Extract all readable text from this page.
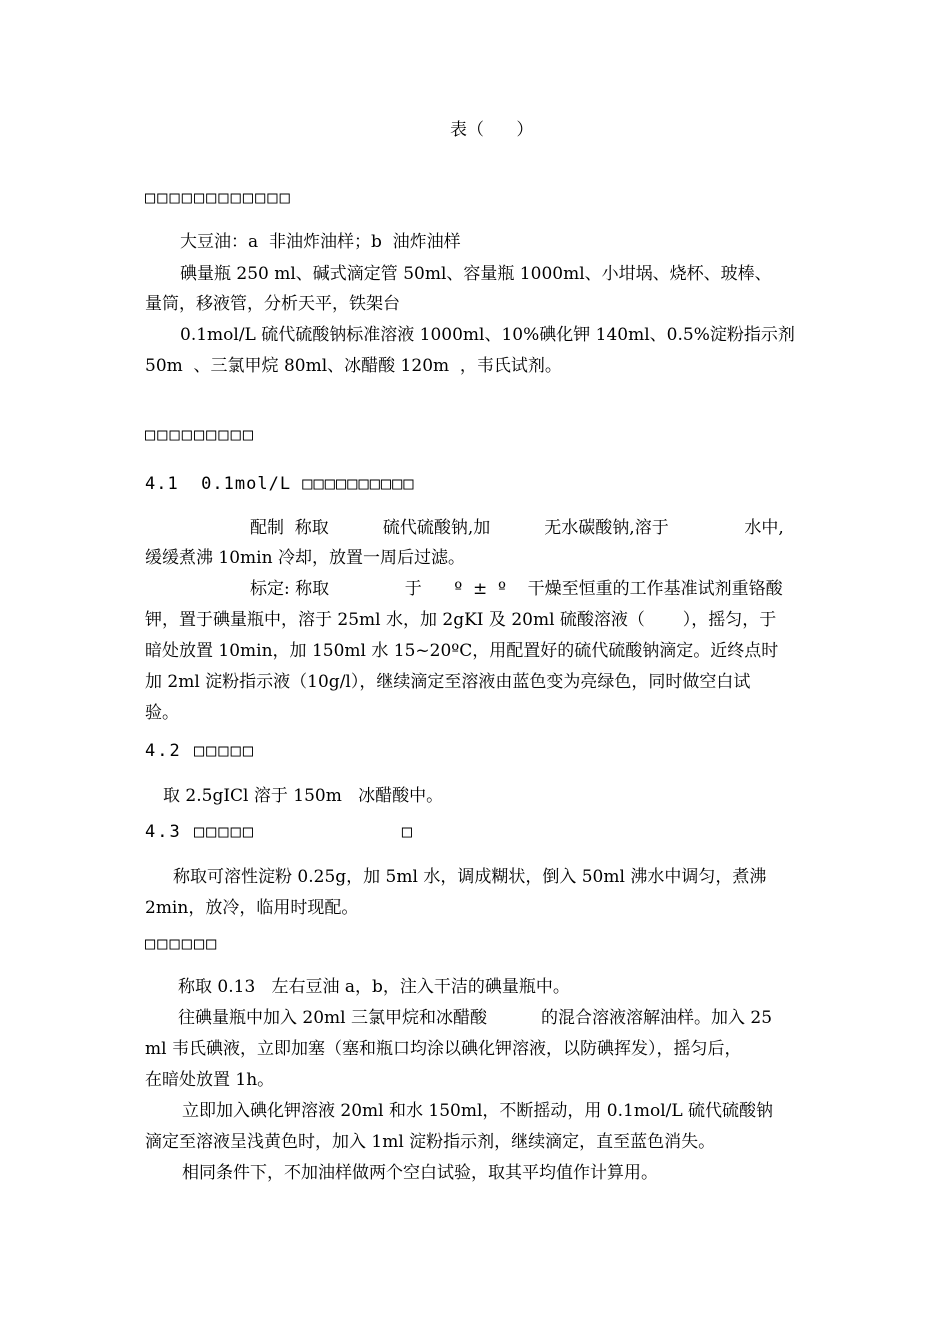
表（      ）
□□□□□□□□□□□□
大豆油：a  非油炸油样；b  油炸油样
碘量瓶 250 ml、碱式滴定管 50ml、容量瓶 1000ml、小坩埚、烧杯、玻棒、
量筒，移液管，分析天平，铁架台
0.1mol/L 硫代硫酸钠标准溶液 1000ml、10%碘化钾 140ml、0.5%淀粉指示剂
50m  、三氯甲烷 80ml、冰醋酸 120m  ，韦氏试剂。
□□□□□□□□□
4.1  0.1mol/L □□□□□□□□□□
配制  称取          硫代硫酸钠,加          无水碳酸钠,溶于              水中,
缓缓煮沸 10min 冷却，放置一周后过滤。
标定: 称取              于      º  ±  º    干燥至恒重的工作基准试剂重铬酸
钾，置于碘量瓶中，溶于 25ml 水，加 2gKI 及 20ml 硫酸溶液（       ），摇匀，于
暗处放置 10min，加 150ml 水 15~20ºC，用配置好的硫代硫酸钠滴定。近终点时
加 2ml 淀粉指示液（10g/l），继续滴定至溶液由蓝色变为亮绿色，同时做空白试
验。
4.2 □□□□□
取 2.5gICl 溶于 150m   冰醋酸中。
4.3 □□□□□            □
称取可溶性淀粉 0.25g，加 5ml 水，调成糊状，倒入 50ml 沸水中调匀，煮沸
2min，放冷，临用时现配。
□□□□□□
称取 0.13   左右豆油 a，b，注入干洁的碘量瓶中。
往碘量瓶中加入 20ml 三氯甲烷和冰醋酸          的混合溶液溶解油样。加入 25
ml 韦氏碘液，立即加塞（塞和瓶口均涂以碘化钾溶液，以防碘挥发），摇匀后，
在暗处放置 1h。
立即加入碘化钾溶液 20ml 和水 150ml，不断摇动，用 0.1mol/L 硫代硫酸钠
滴定至溶液呈浅黄色时，加入 1ml 淀粉指示剂，继续滴定，直至蓝色消失。
相同条件下，不加油样做两个空白试验，取其平均值作计算用。
